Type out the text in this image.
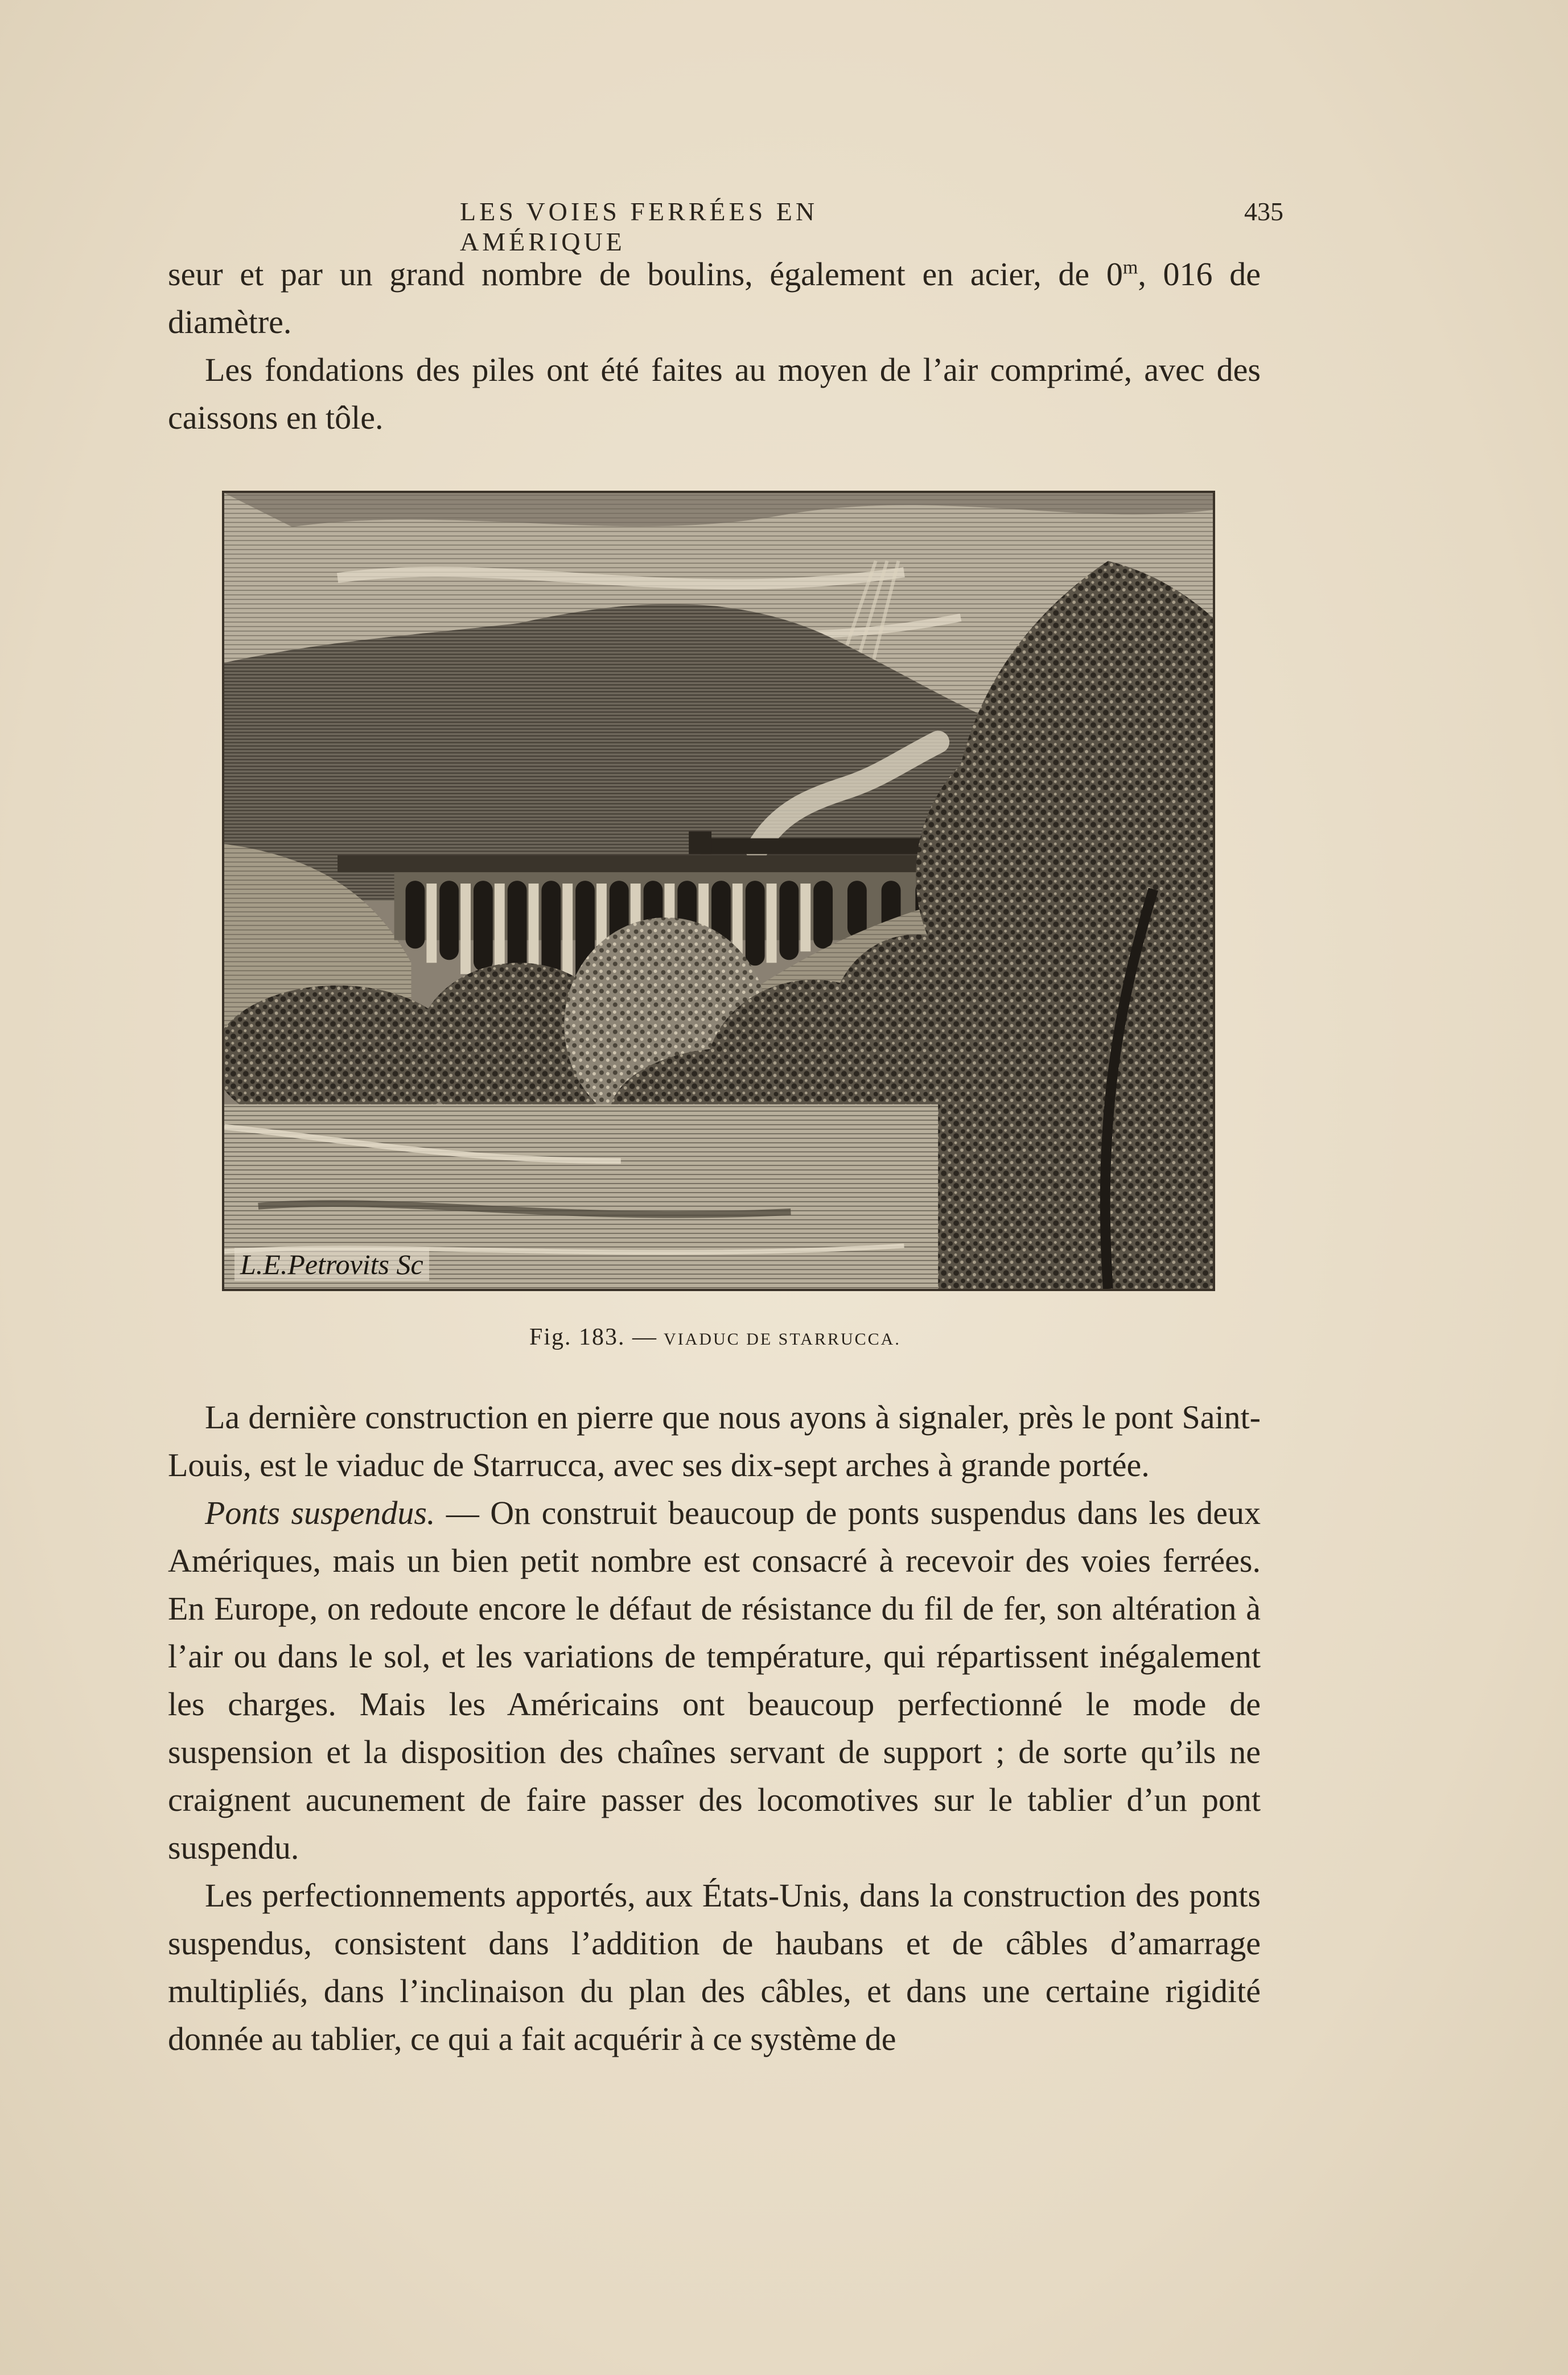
LES VOIES FERRÉES EN AMÉRIQUE
435

seur et par un grand nombre de boulins, également en acier, de 0$^m$, 016 de diamètre.

Les fondations des piles ont été faites au moyen de l’air comprimé, avec des caissons en tôle.

L.E.Petrovits Sc
Fig. 183. — VIADUC DE STARRUCCA.

La dernière construction en pierre que nous ayons à signaler, près le pont Saint-Louis, est le viaduc de Starrucca, avec ses dix-sept arches à grande portée.

Ponts suspendus. — On construit beaucoup de ponts suspendus dans les deux Amériques, mais un bien petit nombre est consacré à recevoir des voies ferrées. En Europe, on redoute encore le défaut de résistance du fil de fer, son altération à l’air ou dans le sol, et les variations de température, qui répartissent inégalement les charges. Mais les Américains ont beaucoup perfectionné le mode de suspension et la disposition des chaînes servant de support ; de sorte qu’ils ne craignent aucunement de faire passer des locomotives sur le tablier d’un pont suspendu.

Les perfectionnements apportés, aux États-Unis, dans la construction des ponts suspendus, consistent dans l’addition de haubans et de câbles d’amarrage multipliés, dans l’inclinaison du plan des câbles, et dans une certaine rigidité donnée au tablier, ce qui a fait acquérir à ce système de
